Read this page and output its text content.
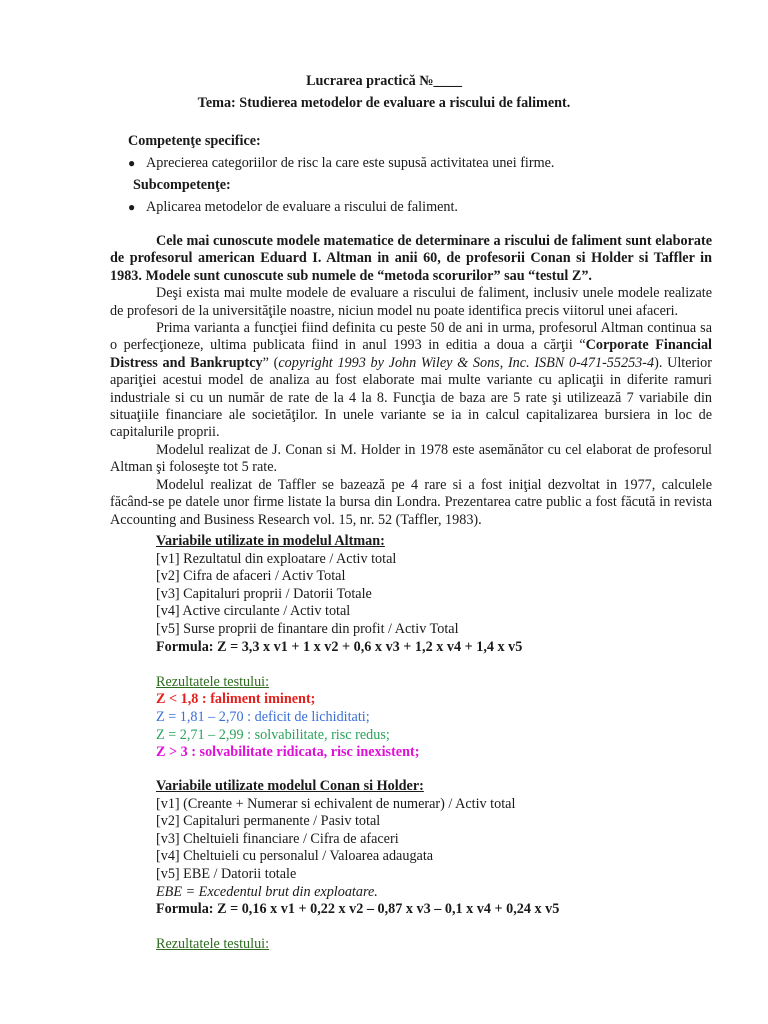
Lucrarea practică №____
Tema: Studierea metodelor de evaluare a riscului de faliment.
Competenţe specifice:
● Aprecierea categoriilor de risc la care este supusă activitatea unei firme.
Subcompetenţe:
● Aplicarea metodelor de evaluare a riscului de faliment.

Cele mai cunoscute modele matematice de determinare a riscului de faliment sunt elaborate de profesorul american Eduard I. Altman in anii 60, de profesorii Conan si Holder si Taffler in 1983. Modele sunt cunoscute sub numele de “metoda scorurilor” sau “testul Z”.

Deşi exista mai multe modele de evaluare a riscului de faliment, inclusiv unele modele realizate de profesori de la universităţile noastre, niciun model nu poate identifica precis viitorul unei afaceri.

Prima varianta a funcţiei fiind definita cu peste 50 de ani in urma, profesorul Altman continua sa o perfecţioneze, ultima publicata fiind in anul 1993 in editia a doua a cărţii “Corporate Financial Distress and Bankruptcy” (copyright 1993 by John Wiley & Sons, Inc. ISBN 0-471-55253-4). Ulterior apariţiei acestui model de analiza au fost elaborate mai multe variante cu aplicaţii in diferite ramuri industriale si cu un număr de rate de la 4 la 8. Funcţia de baza are 5 rate şi utilizează 7 variabile din situaţiile financiare ale societăţilor. In unele variante se ia in calcul capitalizarea bursiera in loc de capitalurile proprii.

Modelul realizat de J. Conan si M. Holder in 1978 este asemănător cu cel elaborat de profesorul Altman şi foloseşte tot 5 rate.

Modelul realizat de Taffler se bazează pe 4 rare si a fost iniţial dezvoltat in 1977, calculele făcând-se pe datele unor firme listate la bursa din Londra. Prezentarea catre public a fost făcută in revista Accounting and Business Research vol. 15, nr. 52 (Taffler, 1983).

Variabile utilizate in modelul Altman:
[v1] Rezultatul din exploatare / Activ total
[v2] Cifra de afaceri / Activ Total
[v3] Capitaluri proprii / Datorii Totale
[v4] Active circulante / Activ total
[v5] Surse proprii de finantare din profit / Activ Total
Formula: Z = 3,3 x v1 + 1 x v2 + 0,6 x v3 + 1,2 x v4 + 1,4 x v5
Rezultatele testului:
Z < 1,8 : faliment iminent;
Z = 1,81 – 2,70 : deficit de lichiditati;
Z = 2,71 – 2,99 : solvabilitate, risc redus;
Z > 3 : solvabilitate ridicata, risc inexistent;
Variabile utilizate modelul Conan si Holder:
[v1] (Creante + Numerar si echivalent de numerar) / Activ total
[v2] Capitaluri permanente / Pasiv total
[v3] Cheltuieli financiare / Cifra de afaceri
[v4] Cheltuieli cu personalul / Valoarea adaugata
[v5] EBE / Datorii totale
EBE = Excedentul brut din exploatare.
Formula: Z = 0,16 x v1 + 0,22 x v2 – 0,87 x v3 – 0,1 x v4 + 0,24 x v5
Rezultatele testului:
